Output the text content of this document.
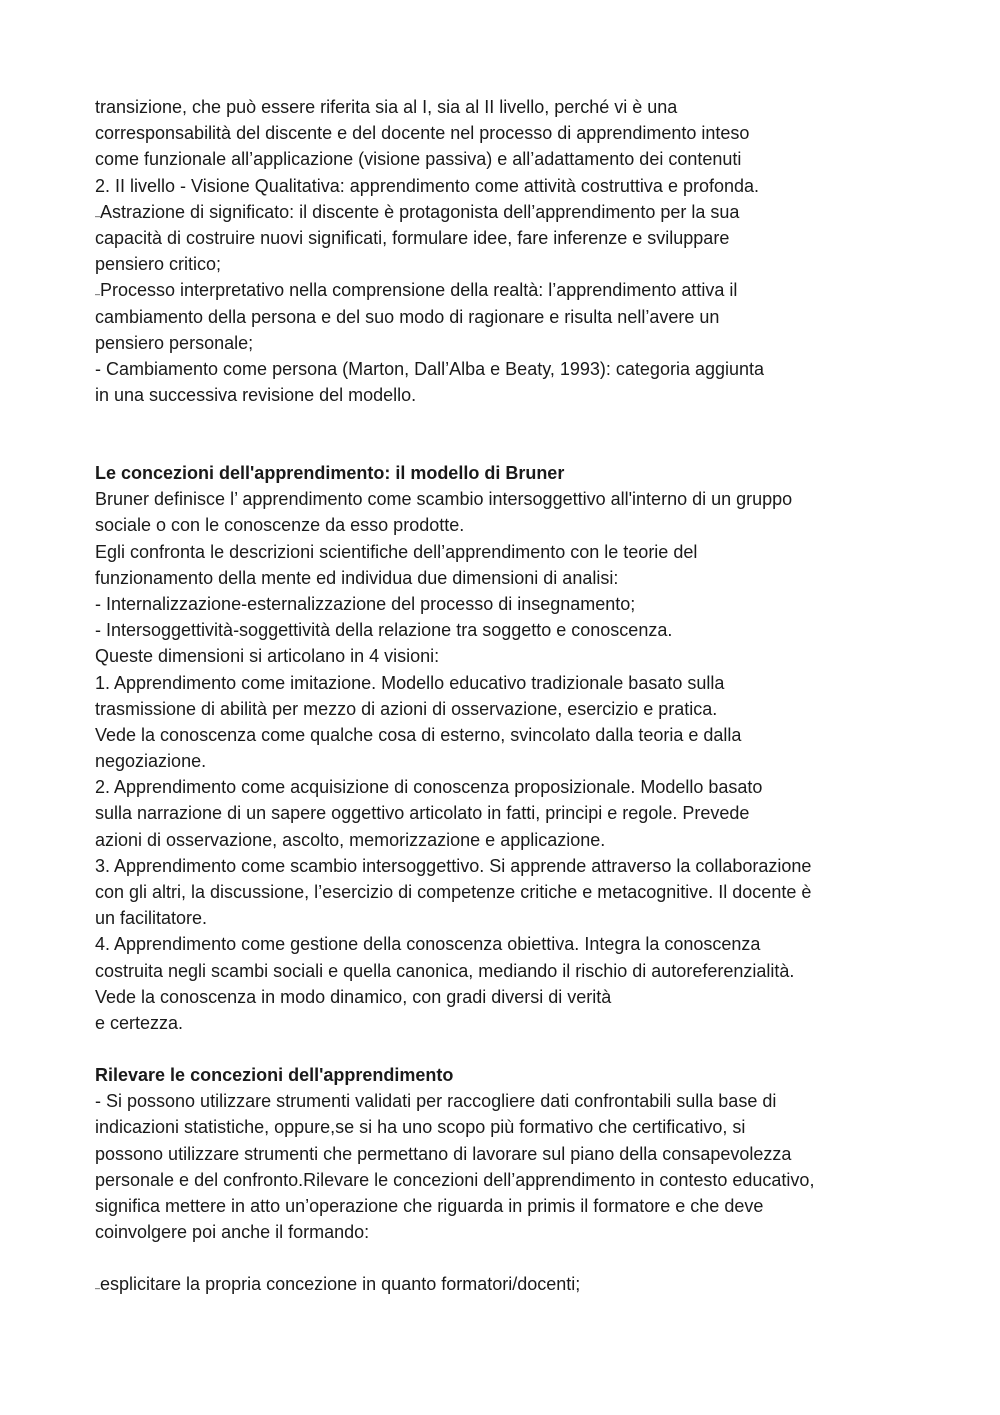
transizione, che può essere riferita sia al I, sia al II livello, perché vi è una
corresponsabilità del discente e del docente nel processo di apprendimento inteso
come funzionale all’applicazione (visione passiva) e all’adattamento dei contenuti
2. II livello - Visione Qualitativa: apprendimento come attività costruttiva e profonda.
–Astrazione di significato: il discente è protagonista dell’apprendimento per la sua
capacità di costruire nuovi significati, formulare idee, fare inferenze e sviluppare
pensiero critico;
–Processo interpretativo nella comprensione della realtà: l’apprendimento attiva il
cambiamento della persona e del suo modo di ragionare e risulta nell’avere un
pensiero personale;
- Cambiamento come persona (Marton, Dall’Alba e Beaty, 1993): categoria aggiunta
in una successiva revisione del modello.
Le concezioni dell'apprendimento: il modello di Bruner
Bruner definisce l’ apprendimento come scambio intersoggettivo all'interno di un gruppo
sociale o con le conoscenze da esso prodotte.
Egli confronta le descrizioni scientifiche dell’apprendimento con le teorie del
funzionamento della mente ed individua due dimensioni di analisi:
- Internalizzazione-esternalizzazione del processo di insegnamento;
- Intersoggettività-soggettività della relazione tra soggetto e conoscenza.
Queste dimensioni si articolano in 4 visioni:
1. Apprendimento come imitazione. Modello educativo tradizionale basato sulla
trasmissione di abilità per mezzo di azioni di osservazione, esercizio e pratica.
Vede la conoscenza come qualche cosa di esterno, svincolato dalla teoria e dalla
negoziazione.
2. Apprendimento come acquisizione di conoscenza proposizionale. Modello basato
sulla narrazione di un sapere oggettivo articolato in fatti, principi e regole. Prevede
azioni di osservazione, ascolto, memorizzazione e applicazione.
3. Apprendimento come scambio intersoggettivo. Si apprende attraverso la collaborazione
con gli altri, la discussione, l’esercizio di competenze critiche e metacognitive. Il docente è
un facilitatore.
4. Apprendimento come gestione della conoscenza obiettiva. Integra la conoscenza
costruita negli scambi sociali e quella canonica, mediando il rischio di autoreferenzialità.
Vede la conoscenza in modo dinamico, con gradi diversi di verità
e certezza.
Rilevare le concezioni dell'apprendimento
- Si possono utilizzare strumenti validati per raccogliere dati confrontabili sulla base di
indicazioni statistiche, oppure,se si ha uno scopo più formativo che certificativo, si
possono utilizzare strumenti che permettano di lavorare sul piano della consapevolezza
personale e del confronto.Rilevare le concezioni dell’apprendimento in contesto educativo,
significa mettere in atto un’operazione che riguarda in primis il formatore e che deve
coinvolgere poi anche il formando:
–esplicitare la propria concezione in quanto formatori/docenti;
